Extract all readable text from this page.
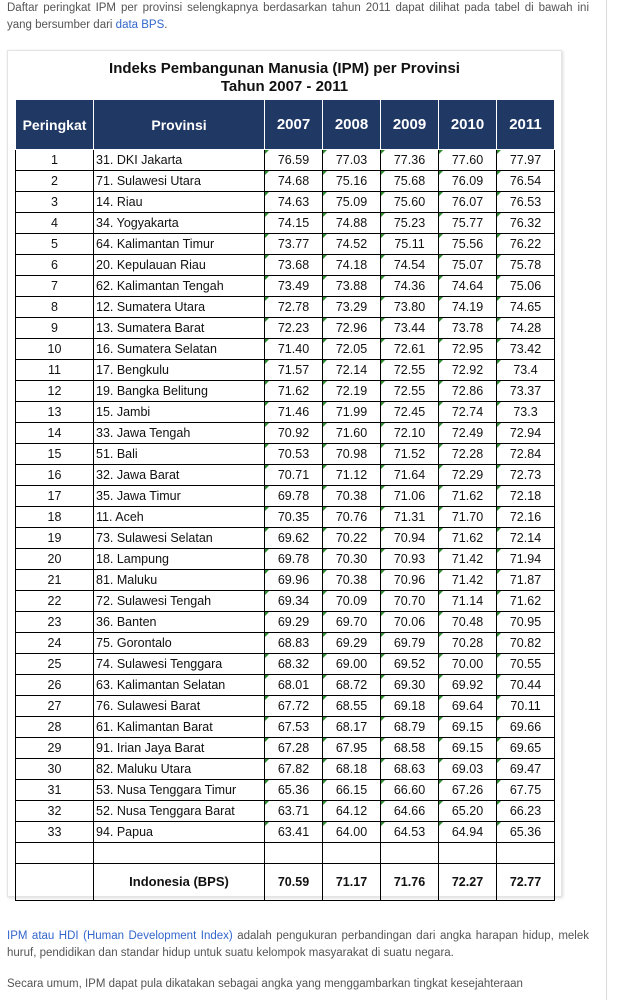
Daftar peringkat IPM per provinsi selengkapnya berdasarkan tahun 2011 dapat dilihat pada tabel di bawah ini yang bersumber dari data BPS.

Indeks Pembangunan Manusia (IPM) per Provinsi
Tahun 2007 - 2011
Peringkat	Provinsi	2007	2008	2009	2010	2011
1	31. DKI Jakarta	76.59	77.03	77.36	77.60	77.97
2	71. Sulawesi Utara	74.68	75.16	75.68	76.09	76.54
3	14. Riau	74.63	75.09	75.60	76.07	76.53
4	34. Yogyakarta	74.15	74.88	75.23	75.77	76.32
5	64. Kalimantan Timur	73.77	74.52	75.11	75.56	76.22
6	20. Kepulauan Riau	73.68	74.18	74.54	75.07	75.78
7	62. Kalimantan Tengah	73.49	73.88	74.36	74.64	75.06
8	12. Sumatera Utara	72.78	73.29	73.80	74.19	74.65
9	13. Sumatera Barat	72.23	72.96	73.44	73.78	74.28
10	16. Sumatera Selatan	71.40	72.05	72.61	72.95	73.42
11	17. Bengkulu	71.57	72.14	72.55	72.92	73.4
12	19. Bangka Belitung	71.62	72.19	72.55	72.86	73.37
13	15. Jambi	71.46	71.99	72.45	72.74	73.3
14	33. Jawa Tengah	70.92	71.60	72.10	72.49	72.94
15	51. Bali	70.53	70.98	71.52	72.28	72.84
16	32. Jawa Barat	70.71	71.12	71.64	72.29	72.73
17	35. Jawa Timur	69.78	70.38	71.06	71.62	72.18
18	11. Aceh	70.35	70.76	71.31	71.70	72.16
19	73. Sulawesi Selatan	69.62	70.22	70.94	71.62	72.14
20	18. Lampung	69.78	70.30	70.93	71.42	71.94
21	81. Maluku	69.96	70.38	70.96	71.42	71.87
22	72. Sulawesi Tengah	69.34	70.09	70.70	71.14	71.62
23	36. Banten	69.29	69.70	70.06	70.48	70.95
24	75. Gorontalo	68.83	69.29	69.79	70.28	70.82
25	74. Sulawesi Tenggara	68.32	69.00	69.52	70.00	70.55
26	63. Kalimantan Selatan	68.01	68.72	69.30	69.92	70.44
27	76. Sulawesi Barat	67.72	68.55	69.18	69.64	70.11
28	61. Kalimantan Barat	67.53	68.17	68.79	69.15	69.66
29	91. Irian Jaya Barat	67.28	67.95	68.58	69.15	69.65
30	82. Maluku Utara	67.82	68.18	68.63	69.03	69.47
31	53. Nusa Tenggara Timur	65.36	66.15	66.60	67.26	67.75
32	52. Nusa Tenggara Barat	63.71	64.12	64.66	65.20	66.23
33	94. Papua	63.41	64.00	64.53	64.94	65.36

	Indonesia (BPS)	70.59	71.17	71.76	72.27	72.77

IPM atau HDI (Human Development Index) adalah pengukuran perbandingan dari angka harapan hidup, melek huruf, pendidikan dan standar hidup untuk suatu kelompok masyarakat di suatu negara.

Secara umum, IPM dapat pula dikatakan sebagai angka yang menggambarkan tingkat kesejahteraan
